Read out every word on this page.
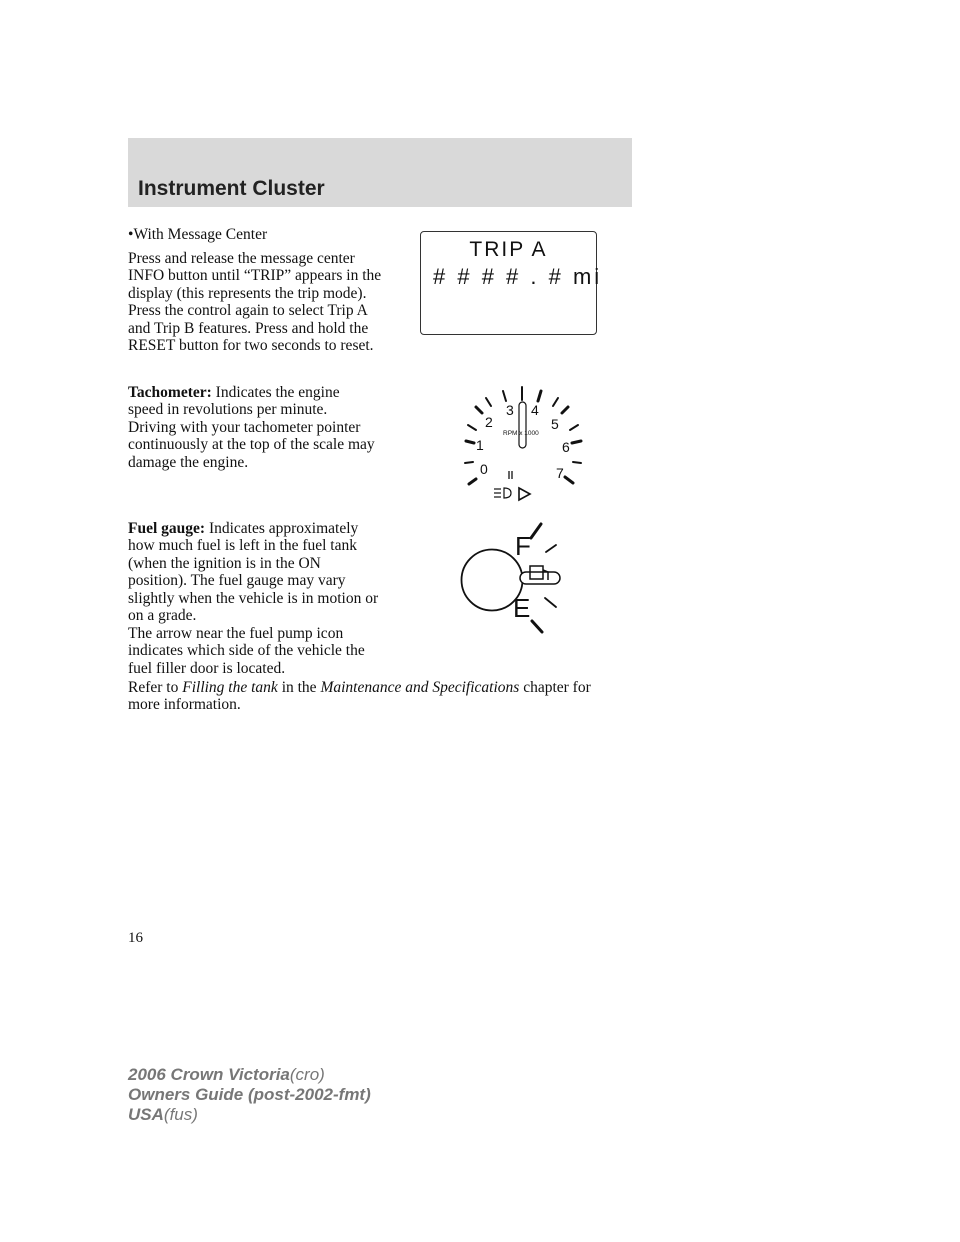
Instrument Cluster

•With Message Center

Press and release the message center INFO button until “TRIP” appears in the display (this represents the trip mode). Press the control again to select Trip A and Trip B features. Press and hold the RESET button for two seconds to reset.

Tachometer: Indicates the engine speed in revolutions per minute. Driving with your tachometer pointer continuously at the top of the scale may damage the engine.

Fuel gauge: Indicates approximately how much fuel is left in the fuel tank (when the ignition is in the ON position). The fuel gauge may vary slightly when the vehicle is in motion or on a grade.

The arrow near the fuel pump icon indicates which side of the vehicle the fuel filler door is located.

Refer to Filling the tank in the Maintenance and Specifications chapter for more information.

TRIP A
# # # # . # mi
0
1
2
3 4
5
6
7
RPM x 1000
F
E
16
2006 Crown Victoria(cro)
Owners Guide (post-2002-fmt)
USA(fus)
